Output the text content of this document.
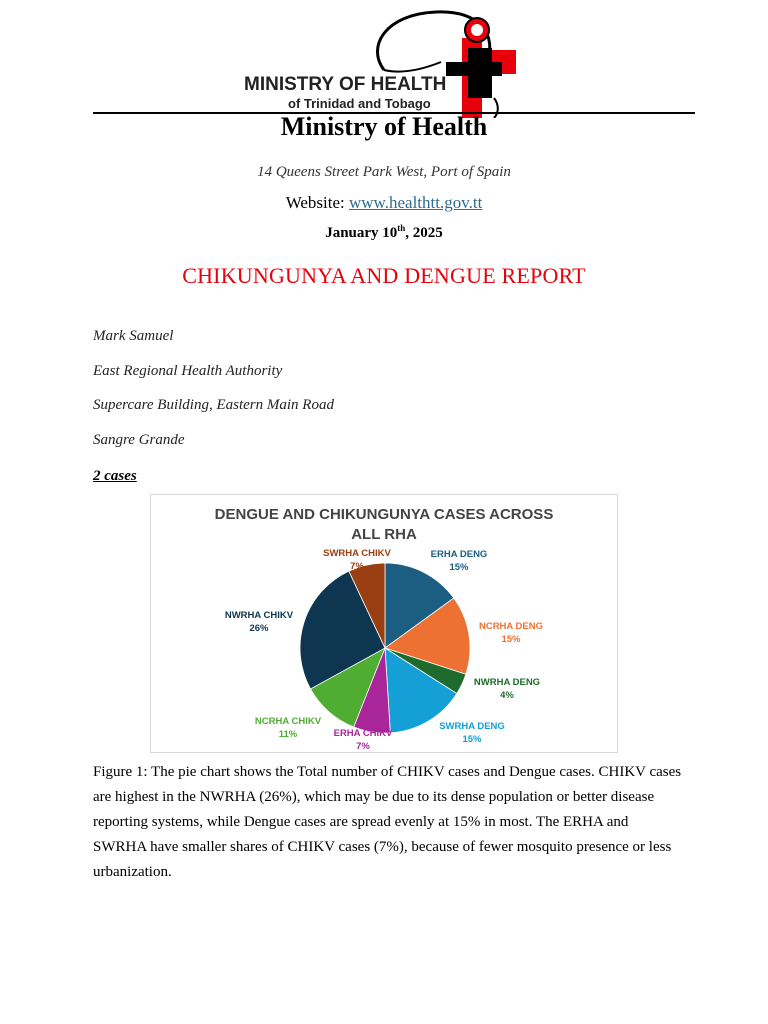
MINISTRY OF HEALTH
of Trinidad and Tobago
Ministry of Health
14 Queens Street Park West, Port of Spain
Website: www.healthtt.gov.tt
January 10th, 2025
CHIKUNGUNYA AND DENGUE REPORT
Mark Samuel
East Regional Health Authority
Supercare Building, Eastern Main Road
Sangre Grande
2 cases
DENGUE AND CHIKUNGUNYA CASES ACROSS
ALL RHA
ERHA DENG
15%
NCRHA DENG
15%
NWRHA DENG
4%
SWRHA DENG
15%
ERHA CHIKV
7%
NCRHA CHIKV
11%
NWRHA CHIKV
26%
SWRHA CHIKV
7%
Figure 1: The pie chart shows the Total number of CHIKV cases and Dengue cases. CHIKV cases are highest in the NWRHA (26%), which may be due to its dense population or better disease reporting systems, while Dengue cases are spread evenly at 15% in most. The ERHA and SWRHA have smaller shares of CHIKV cases (7%), because of fewer mosquito presence or less urbanization.
